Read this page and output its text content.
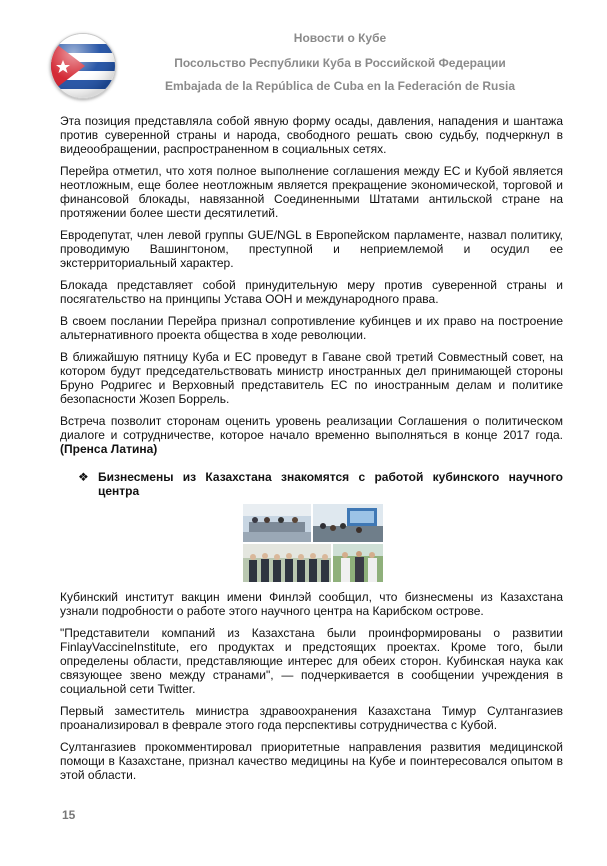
Новости о Кубе
Посольство Республики Куба в Российской Федерации
Embajada de la República de Cuba en la Federación de Rusia

Эта позиция представляла собой явную форму осады, давления, нападения и шантажа против суверенной страны и народа, свободного решать свою судьбу, подчеркнул в видеообращении, распространенном в социальных сетях.

Перейра отметил, что хотя полное выполнение соглашения между ЕС и Кубой является неотложным, еще более неотложным является прекращение экономической, торговой и финансовой блокады, навязанной Соединенными Штатами антильской стране на протяжении более шести десятилетий.

Евродепутат, член левой группы GUE/NGL в Европейском парламенте, назвал политику, проводимую Вашингтоном, преступной и неприемлемой и осудил ее экстерриториальный характер.

Блокада представляет собой принудительную меру против суверенной страны и посягательство на принципы Устава ООН и международного права.

В своем послании Перейра признал сопротивление кубинцев и их право на построение альтернативного проекта общества в ходе революции.

В ближайшую пятницу Куба и ЕС проведут в Гаване свой третий Совместный совет, на котором будут председательствовать министр иностранных дел принимающей стороны Бруно Родригес и Верховный представитель ЕС по иностранным делам и политике безопасности Жозеп Боррель.

Встреча позволит сторонам оценить уровень реализации Соглашения о политическом диалоге и сотрудничестве, которое начало временно выполняться в конце 2017 года. (Пренса Латина)

❖ Бизнесмены из Казахстана знакомятся с работой кубинского научного центра

Кубинский институт вакцин имени Финлэй сообщил, что бизнесмены из Казахстана узнали подробности о работе этого научного центра на Карибском острове.

"Представители компаний из Казахстана были проинформированы о развитии FinlayVaccineInstitute, его продуктах и предстоящих проектах. Кроме того, были определены области, представляющие интерес для обеих сторон. Кубинская наука как связующее звено между странами", — подчеркивается в сообщении учреждения в социальной сети Twitter.

Первый заместитель министра здравоохранения Казахстана Тимур Султангазиев проанализировал в феврале этого года перспективы сотрудничества с Кубой.

Султангазиев прокомментировал приоритетные направления развития медицинской помощи в Казахстане, признал качество медицины на Кубе и поинтересовался опытом в этой области.

15
